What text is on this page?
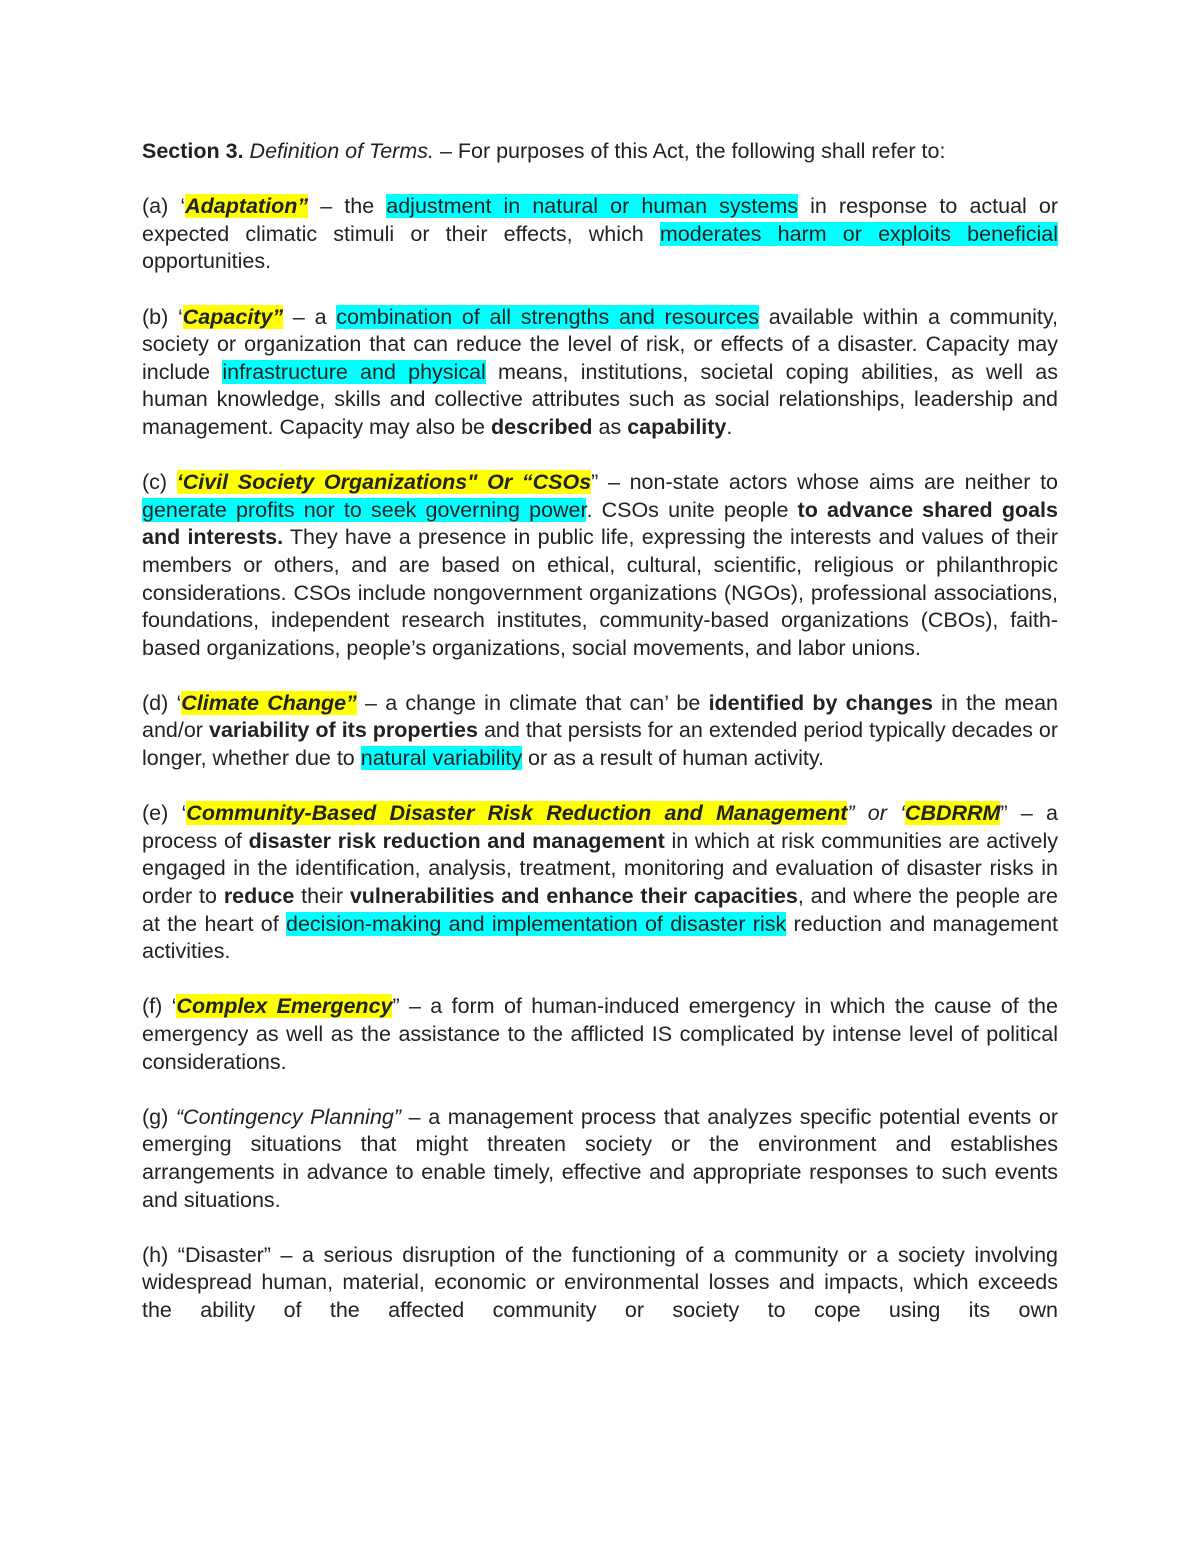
Section 3. Definition of Terms. – For purposes of this Act, the following shall refer to:

(a) ‘Adaptation” – the adjustment in natural or human systems in response to actual or expected climatic stimuli or their effects, which moderates harm or exploits beneficial opportunities.

(b) ‘Capacity” – a combination of all strengths and resources available within a community, society or organization that can reduce the level of risk, or effects of a disaster. Capacity may include infrastructure and physical means, institutions, societal coping abilities, as well as human knowledge, skills and collective attributes such as social relationships, leadership and management. Capacity may also be described as capability.

(c) ‘Civil Society Organizations" Or “CSOs” – non-state actors whose aims are neither to generate profits nor to seek governing power. CSOs unite people to advance shared goals and interests. They have a presence in public life, expressing the interests and values of their members or others, and are based on ethical, cultural, scientific, religious or philanthropic considerations. CSOs include nongovernment organizations (NGOs), professional associations, foundations, independent research institutes, community-based organizations (CBOs), faith-based organizations, people’s organizations, social movements, and labor unions.

(d) ‘Climate Change” – a change in climate that can’ be identified by changes in the mean and/or variability of its properties and that persists for an extended period typically decades or longer, whether due to natural variability or as a result of human activity.

(e) ‘Community-Based Disaster Risk Reduction and Management” or ‘CBDRRM” – a process of disaster risk reduction and management in which at risk communities are actively engaged in the identification, analysis, treatment, monitoring and evaluation of disaster risks in order to reduce their vulnerabilities and enhance their capacities, and where the people are at the heart of decision-making and implementation of disaster risk reduction and management activities.

(f) ‘Complex Emergency” – a form of human-induced emergency in which the cause of the emergency as well as the assistance to the afflicted IS complicated by intense level of political considerations.

(g) “Contingency Planning” – a management process that analyzes specific potential events or emerging situations that might threaten society or the environment and establishes arrangements in advance to enable timely, effective and appropriate responses to such events and situations.

(h) “Disaster” – a serious disruption of the functioning of a community or a society involving widespread human, material, economic or environmental losses and impacts, which exceeds the ability of the affected community or society to cope using its own
